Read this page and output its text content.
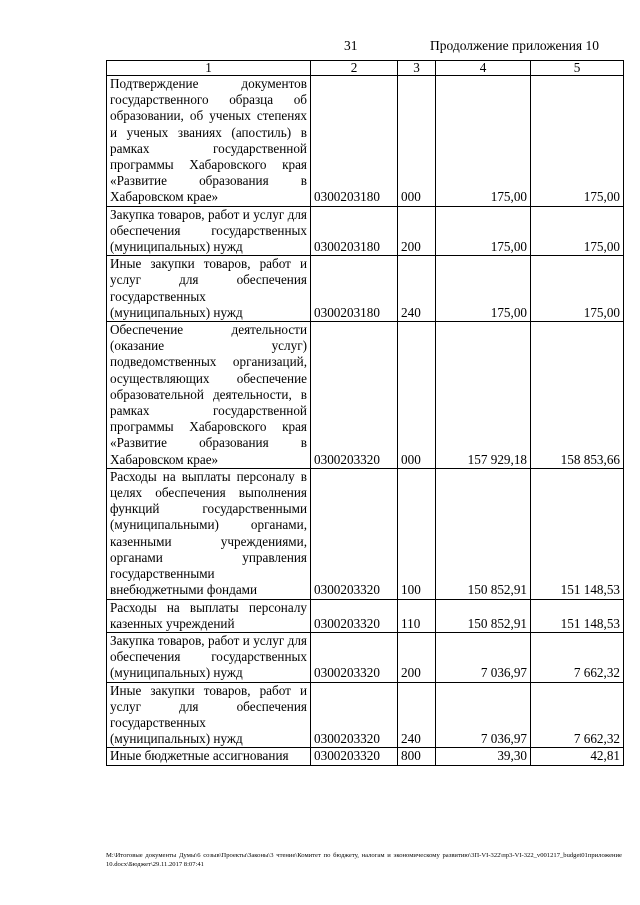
31	Продолжение приложения 10
1	2	3	4	5
Подтверждение документов государственного образца об образовании, об ученых степенях и ученых званиях (апостиль) в рамках государственной программы Хабаровского края «Развитие образования в Хабаровском крае»	0300203180	000	175,00	175,00
Закупка товаров, работ и услуг для обеспечения государственных (муниципальных) нужд	0300203180	200	175,00	175,00
Иные закупки товаров, работ и услуг для обеспечения государственных (муниципальных) нужд	0300203180	240	175,00	175,00
Обеспечение деятельности (оказание услуг) подведомственных организаций, осуществляющих обеспечение образовательной деятельности, в рамках государственной программы Хабаровского края «Развитие образования в Хабаровском крае»	0300203320	000	157 929,18	158 853,66
Расходы на выплаты персоналу в целях обеспечения выполнения функций государственными (муниципальными) органами, казенными учреждениями, органами управления государственными внебюджетными фондами	0300203320	100	150 852,91	151 148,53
Расходы на выплаты персоналу казенных учреждений	0300203320	110	150 852,91	151 148,53
Закупка товаров, работ и услуг для обеспечения государственных (муниципальных) нужд	0300203320	200	7 036,97	7 662,32
Иные закупки товаров, работ и услуг для обеспечения государственных (муниципальных) нужд	0300203320	240	7 036,97	7 662,32
Иные бюджетные ассигнования	0300203320	800	39,30	42,81
M:\Итоговые документы Думы\6 созыв\Проекты\Законы\3 чтение\Комитет по бюджету, налогам и экономическому развитию\3П-VI-322\пр3-VI-322_v001217_budget01приложение 10.docx\Бюджет\29.11.2017 8:07:41
